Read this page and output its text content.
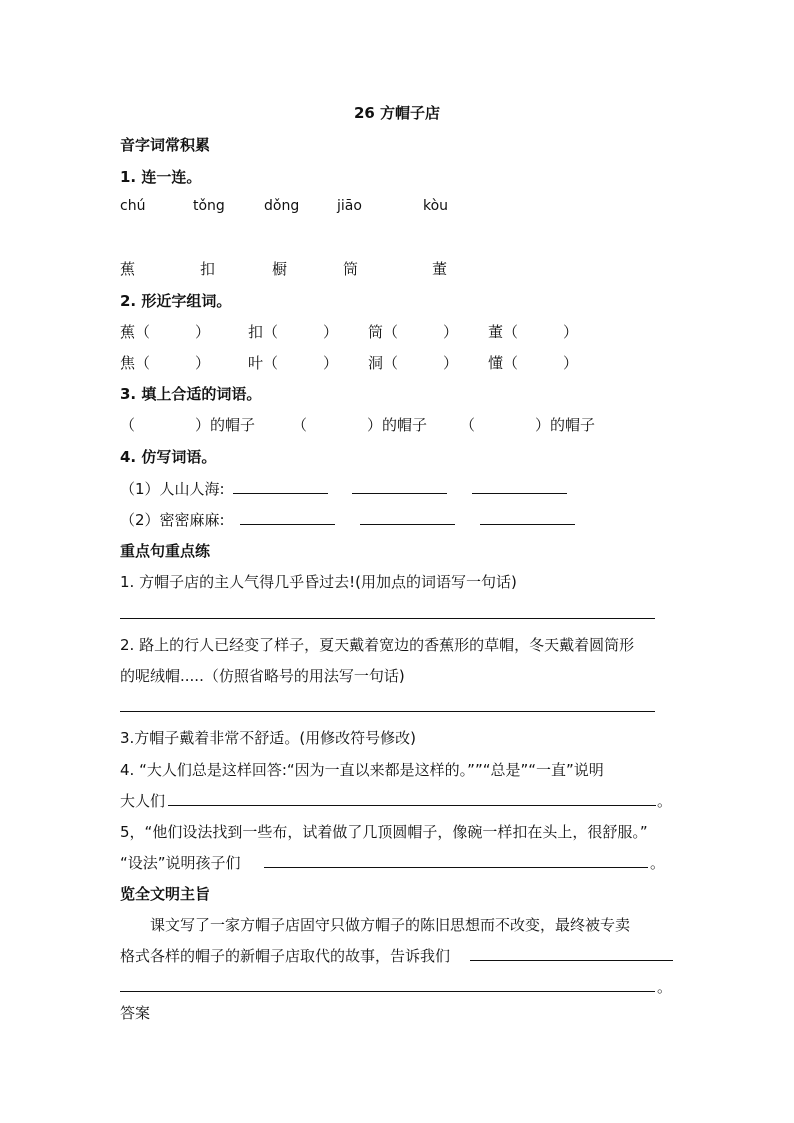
26 方帽子店
音字词常积累
1. 连一连。
chú	tǒng	dǒng	jiāo	kòu
蕉	扣	橱	筒	董
2. 形近字组词。
蕉（　　　）	扣（　　　） 筒（　　　） 董（　　　）
焦（　　　）	叶（　　　） 洞（　　　） 懂（　　　）
3. 填上合适的词语。
（　　　　）的帽子 （　　　　）的帽子 （　　　　）的帽子
4. 仿写词语。
（1）人山人海:
（2）密密麻麻:
重点句重点练
1. 方帽子店的主人气得几乎昏过去!(用加点的词语写一句话)
2. 路上的行人已经变了样子，夏天戴着宽边的香蕉形的草帽，冬天戴着圆筒形
的呢绒帽.....（仿照省略号的用法写一句话)
3.方帽子戴着非常不舒适。(用修改符号修改)
4. “大人们总是这样回答:“因为一直以来都是这样的。””“总是”“一直”说明
大人们	。
5，“他们设法找到一些布，试着做了几顶圆帽子，像碗一样扣在头上，很舒服。”
“设法”说明孩子们	。
览全文明主旨
课文写了一家方帽子店固守只做方帽子的陈旧思想而不改变，最终被专卖
格式各样的帽子的新帽子店取代的故事，告诉我们
。
答案
